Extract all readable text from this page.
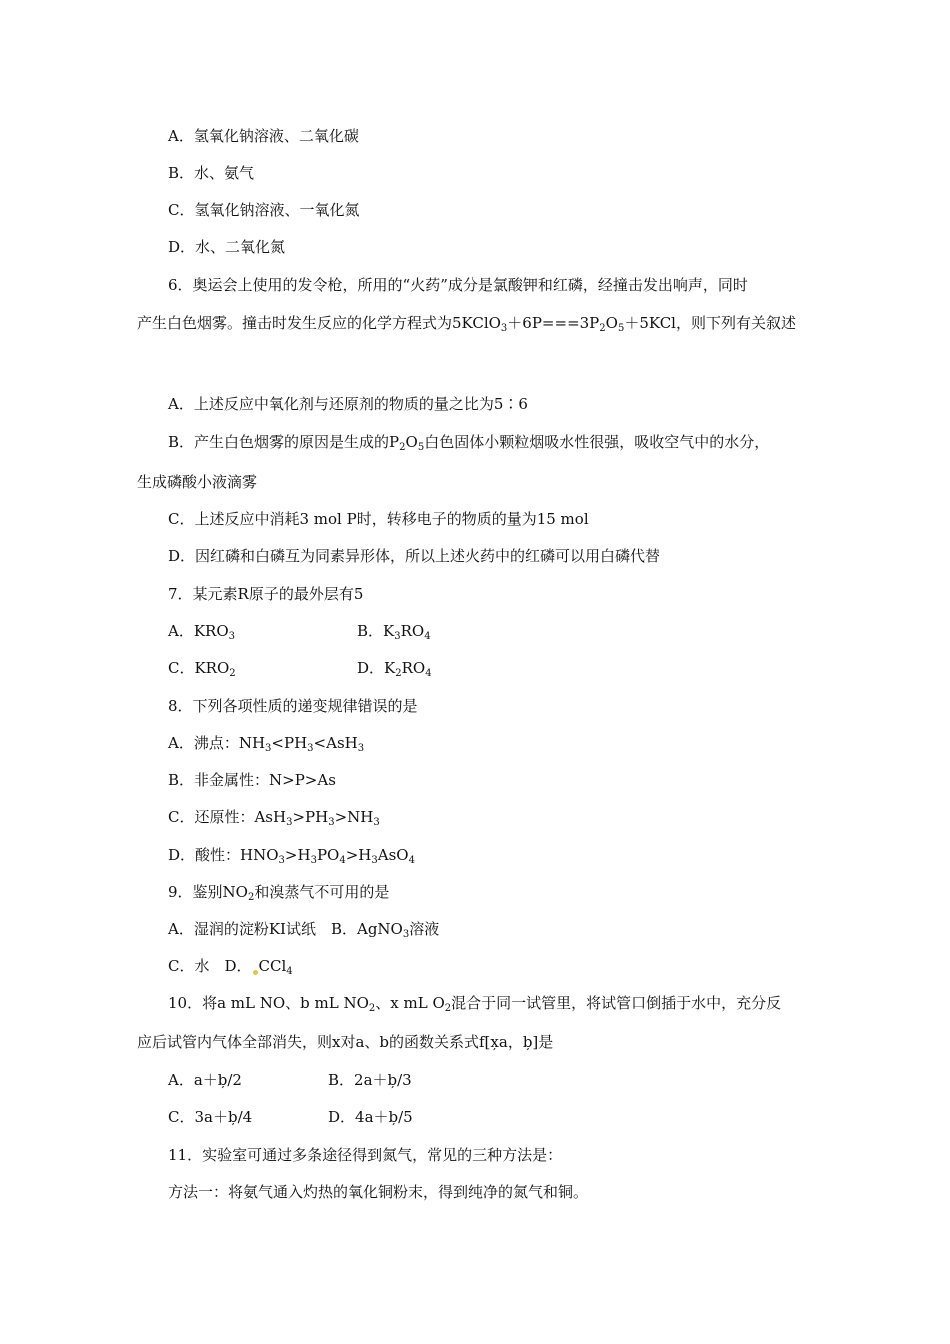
A．氢氧化钠溶液、二氧化碳
B．水、氨气
C．氢氧化钠溶液、一氧化氮
D．水、二氧化氮
6．奥运会上使用的发令枪，所用的“火药”成分是氯酸钾和红磷，经撞击发出响声，同时
产生白色烟雾。撞击时发生反应的化学方程式为$5KClO_3+6P===3P_2O_5+5KCl$，则下列有关叙述
A．上述反应中氧化剂与还原剂的物质的量之比为5∶6
B．产生白色烟雾的原因是生成的$P_2O_5$白色固体小颗粒烟吸水性很强，吸收空气中的水分，
生成磷酸小液滴雾
C．上述反应中消耗3 mol P时，转移电子的物质的量为15 mol
D．因红磷和白磷互为同素异形体，所以上述火药中的红磷可以用白磷代替
7．某元素R原子的最外层有5
A．$KRO_3$	B．$K_3RO_4$
C．$KRO_2$	D．$K_2RO_4$
8．下列各项性质的递变规律错误的是
A．沸点：$NH_3<PH_3<AsH_3$
B．非金属性：N>P>As
C．还原性：$AsH_3>PH_3>NH_3$
D．酸性：$HNO_3>H_3PO_4>H_3AsO_4$
9．鉴别$NO_2$和溴蒸气不可用的是
A．湿润的淀粉KI试纸　B．AgNO$_3$溶液
C．水　D． CCl$_4$
10．将a mL NO、b mL $NO_2$、x mL $O_2$混合于同一试管里，将试管口倒插于水中，充分反
应后试管内气体全部消失，则x对a、b的函数关系式f[x̦a，b̦]是
A．a＋b̦/2	B．2a＋b̦/3
C．3a＋b̦/4	D．4a＋b̦/5
11．实验室可通过多条途径得到氮气，常见的三种方法是：
方法一：将氨气通入灼热的氧化铜粉末，得到纯净的氮气和铜。
